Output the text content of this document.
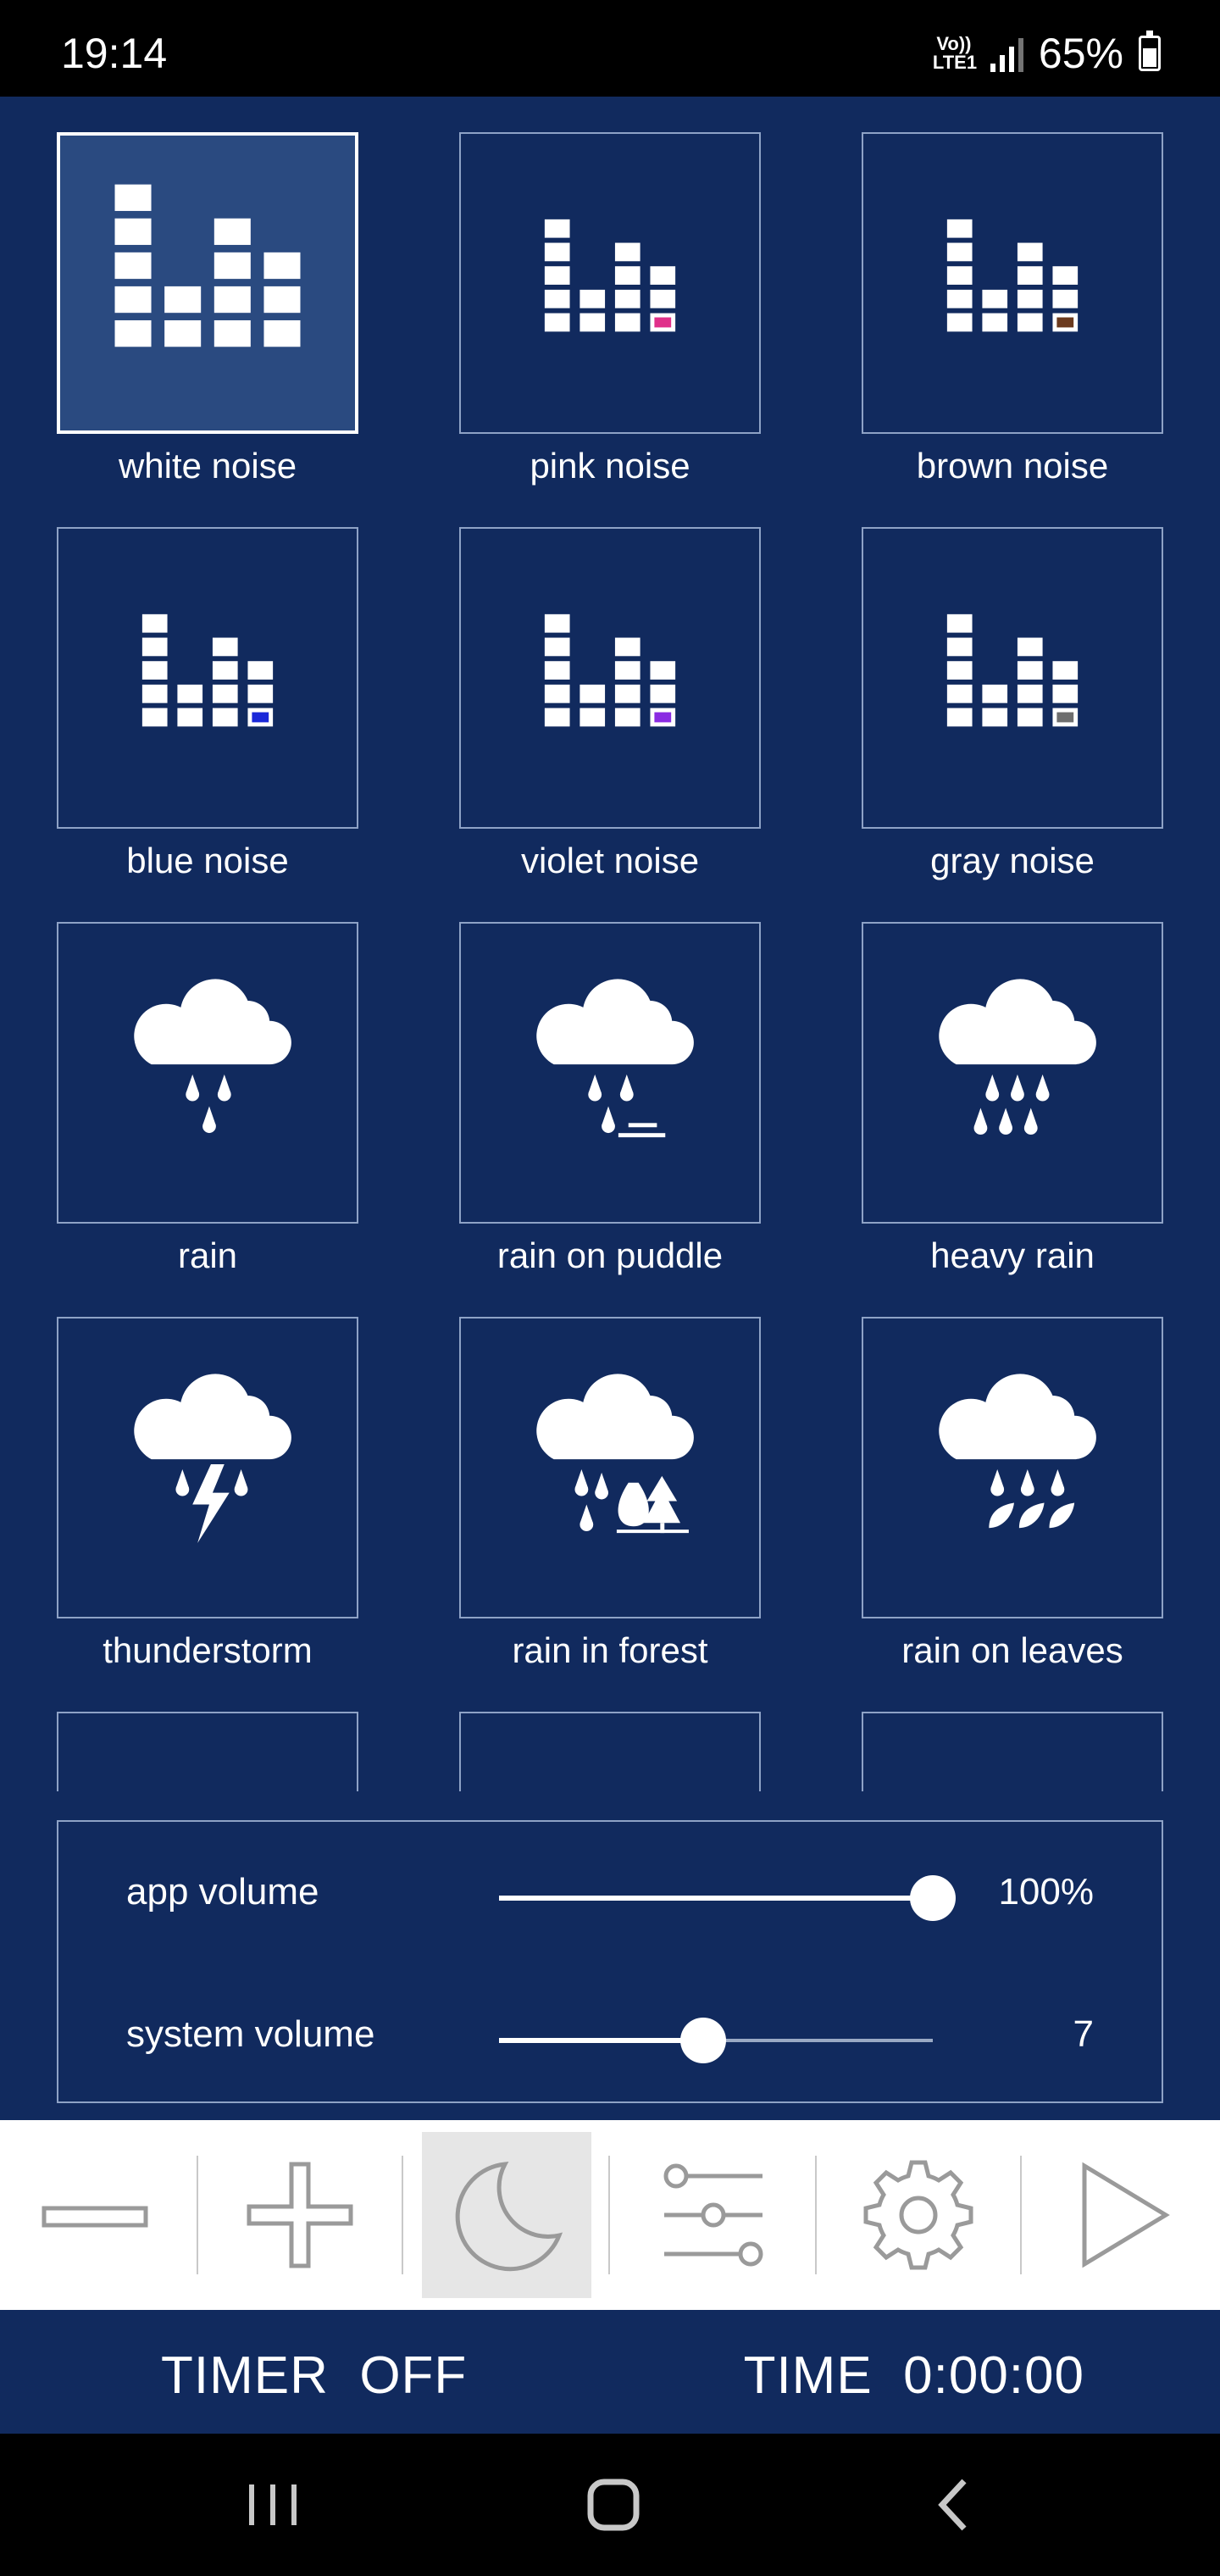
19:14	Vo)) LTE1 65%
white noise	pink noise	brown noise
blue noise	violet noise	gray noise
rain	rain on puddle	heavy rain
thunderstorm	rain in forest	rain on leaves
app volume	100%
system volume	7
TIMER  OFF	TIME  0:00:00
